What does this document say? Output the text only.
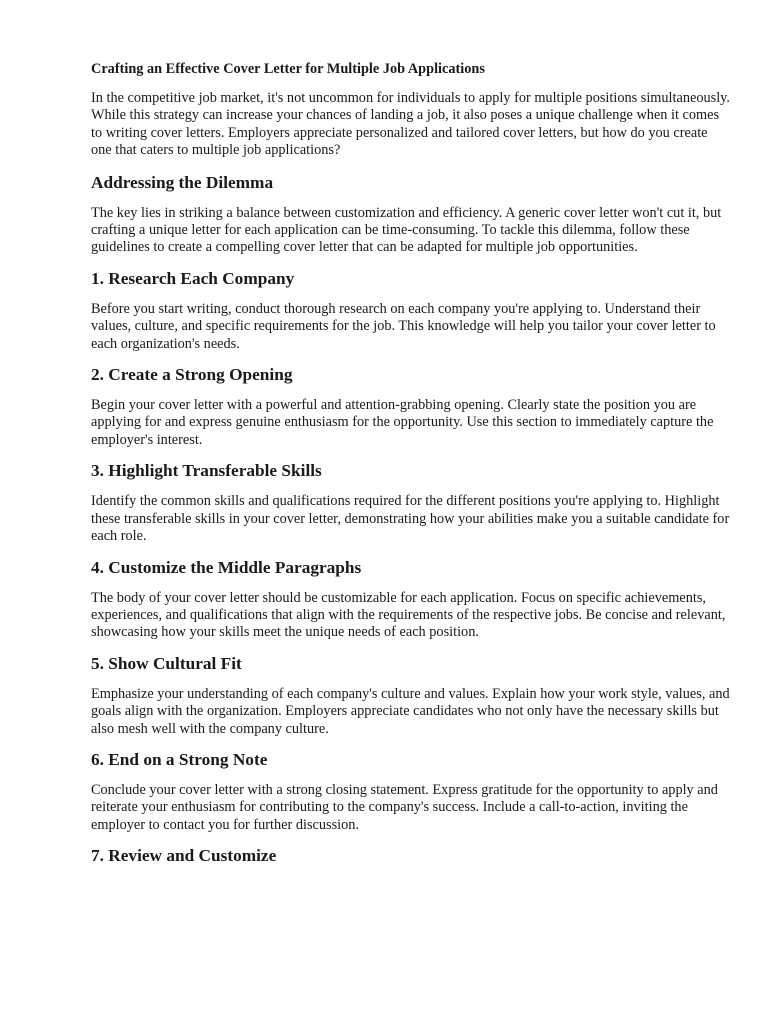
Crafting an Effective Cover Letter for Multiple Job Applications

In the competitive job market, it's not uncommon for individuals to apply for multiple positions simultaneously. While this strategy can increase your chances of landing a job, it also poses a unique challenge when it comes to writing cover letters. Employers appreciate personalized and tailored cover letters, but how do you create one that caters to multiple job applications?

Addressing the Dilemma

The key lies in striking a balance between customization and efficiency. A generic cover letter won't cut it, but crafting a unique letter for each application can be time-consuming. To tackle this dilemma, follow these guidelines to create a compelling cover letter that can be adapted for multiple job opportunities.

1. Research Each Company

Before you start writing, conduct thorough research on each company you're applying to. Understand their values, culture, and specific requirements for the job. This knowledge will help you tailor your cover letter to each organization's needs.

2. Create a Strong Opening

Begin your cover letter with a powerful and attention-grabbing opening. Clearly state the position you are applying for and express genuine enthusiasm for the opportunity. Use this section to immediately capture the employer's interest.

3. Highlight Transferable Skills

Identify the common skills and qualifications required for the different positions you're applying to. Highlight these transferable skills in your cover letter, demonstrating how your abilities make you a suitable candidate for each role.

4. Customize the Middle Paragraphs

The body of your cover letter should be customizable for each application. Focus on specific achievements, experiences, and qualifications that align with the requirements of the respective jobs. Be concise and relevant, showcasing how your skills meet the unique needs of each position.

5. Show Cultural Fit

Emphasize your understanding of each company's culture and values. Explain how your work style, values, and goals align with the organization. Employers appreciate candidates who not only have the necessary skills but also mesh well with the company culture.

6. End on a Strong Note

Conclude your cover letter with a strong closing statement. Express gratitude for the opportunity to apply and reiterate your enthusiasm for contributing to the company's success. Include a call-to-action, inviting the employer to contact you for further discussion.

7. Review and Customize
